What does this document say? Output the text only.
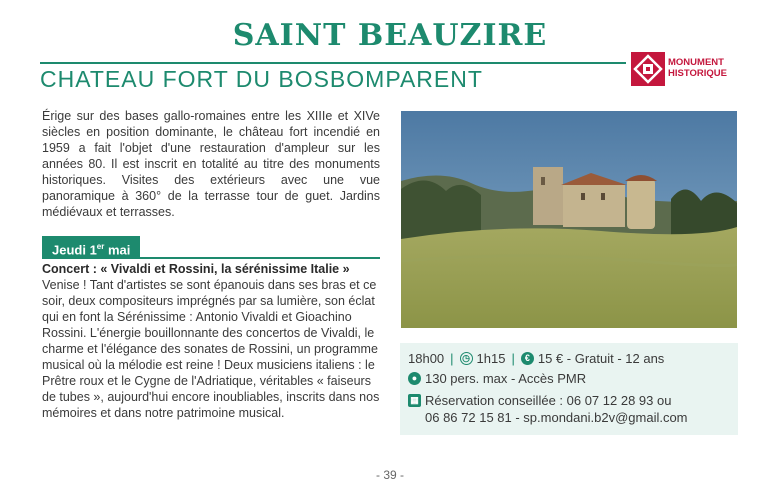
SAINT BEAUZIRE
CHATEAU FORT DU BOSBOMPARENT
MONUMENT
HISTORIQUE

Érige sur des bases gallo-romaines entre les XIIIe et XIVe siècles en position dominante, le château fort incendié en 1959 a fait l'objet d'une restauration d'ampleur sur les années 80. Il est inscrit en totalité au titre des monuments historiques. Visites des extérieurs avec une vue panoramique à 360° de la terrasse tour de guet. Jardins médiévaux et terrasses.

Jeudi 1er mai
Concert : « Vivaldi et Rossini, la sérénissime Italie »

Venise ! Tant d'artistes se sont épanouis dans ses bras et ce soir, deux compositeurs imprégnés par sa lumière, son éclat qui en font la Sérénissime : Antonio Vivaldi et Gioachino Rossini. L'énergie bouillonnante des concertos de Vivaldi, le charme et l'élégance des sonates de Rossini, un programme musical où la mélodie est reine ! Deux musiciens italiens : le Prêtre roux et le Cygne de l'Adriatique, véritables « faiseurs de tubes », aujourd'hui encore inoubliables, inscrits dans nos mémoires et dans notre patrimoine musical.

18h00 | ◷ 1h15 |	€ 15 € - Gratuit - 12 ans
● 130 pers. max - Accès PMR
▦ Réservation conseillée : 06 07 12 28 93 ou
06 86 72 15 81 - sp.mondani.b2v@gmail.com
- 39 -
